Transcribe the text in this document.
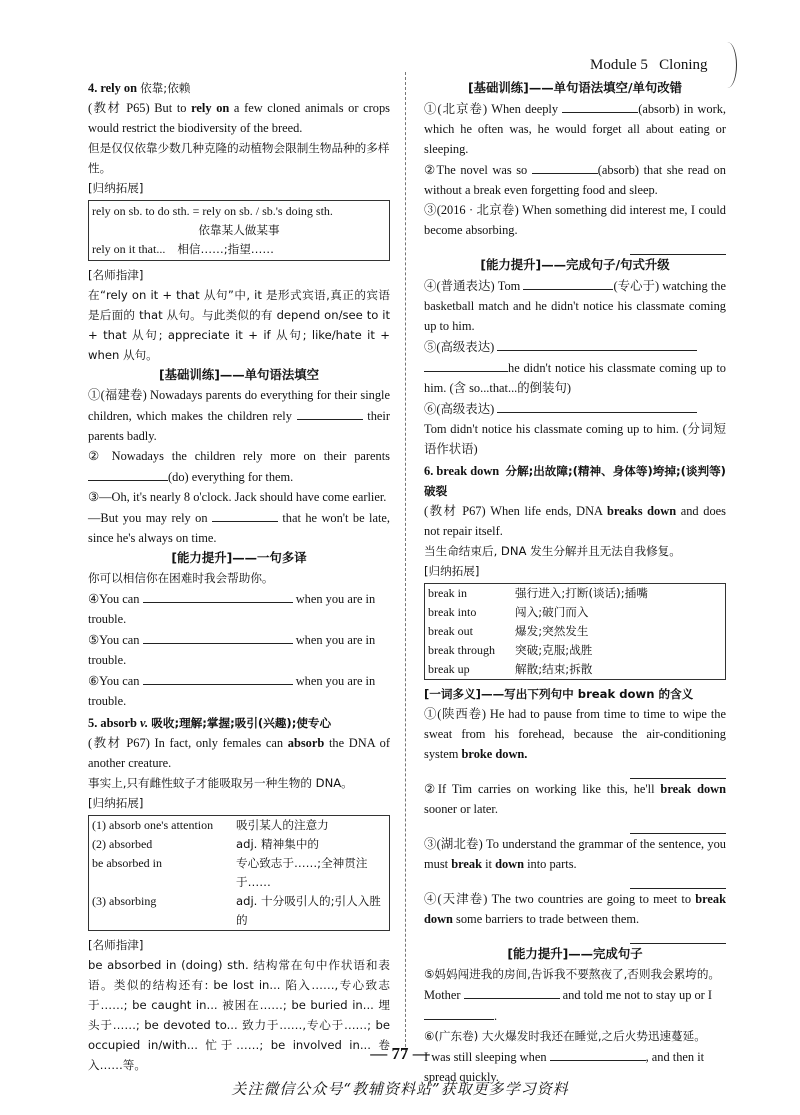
Module 5 Cloning

4. rely on 依靠;依赖

(教材 P65) But to rely on a few cloned animals or crops would restrict the biodiversity of the breed.

但是仅仅依靠少数几种克隆的动植物会限制生物品种的多样性。

[归纳拓展]

rely on sb. to do sth. = rely on sb. / sb.'s doing sth.
依靠某人做某事
rely on it that... 相信……;指望……

[名师指津]

在“rely on it + that 从句”中, it 是形式宾语,真正的宾语是后面的 that 从句。与此类似的有 depend on/see to it + that 从句; appreciate it + if 从句; like/hate it + when 从句。

[基础训练]——单句语法填空

①(福建卷) Nowadays parents do everything for their single children, which makes the children rely	their parents badly.

② Nowadays the children rely more on their parents (do) everything for them.

③—Oh, it's nearly 8 o'clock. Jack should have come earlier.
—But you may rely on	that he won't be late, since he's always on time.

[能力提升]——一句多译

你可以相信你在困难时我会帮助你。

④You can	when you are in trouble.

⑤You can	when you are in trouble.

⑥You can	when you are in trouble.

5. absorb v. 吸收;理解;掌握;吸引(兴趣);使专心

(教材 P67) In fact, only females can absorb the DNA of another creature.

事实上,只有雌性蚊子才能吸取另一种生物的 DNA。

[归纳拓展]

(1) absorb one's attention	吸引某人的注意力
(2) absorbed	adj. 精神集中的
be absorbed in	专心致志于……;全神贯注于……
(3) absorbing	adj. 十分吸引人的;引人入胜的

[名师指津]

be absorbed in (doing) sth. 结构常在句中作状语和表语。类似的结构还有: be lost in... 陷入……,专心致志于……; be caught in... 被困在……; be buried in... 埋头于……; be devoted to... 致力于……,专心于……; be occupied in/with... 忙于……; be involved in... 卷入……等。

[基础训练]——单句语法填空/单句改错

①(北京卷) When deeply	(absorb) in work, which he often was, he would forget all about eating or sleeping.

②The novel was so	(absorb) that she read on without a break even forgetting food and sleep.

③(2016 · 北京卷) When something did interest me, I could become absorbing.

[能力提升]——完成句子/句式升级

④(普通表达) Tom	(专心于) watching the basketball match and he didn't notice his classmate coming up to him.

⑤(高级表达)
he didn't notice his classmate coming up to him. (含 so...that...的倒装句)

⑥(高级表达)
Tom didn't notice his classmate coming up to him. (分词短语作状语)

6. break down 分解;出故障;(精神、身体等)垮掉;(谈判等)破裂

(教材 P67) When life ends, DNA breaks down and does not repair itself.

当生命结束后, DNA 发生分解并且无法自我修复。

[归纳拓展]

break in	强行进入;打断(谈话);插嘴
break into	闯入;破门而入
break out	爆发;突然发生
break through	突破;克服;战胜
break up	解散;结束;拆散

[一词多义]——写出下列句中 break down 的含义

①(陕西卷) He had to pause from time to time to wipe the sweat from his forehead, because the air-conditioning system broke down.

②If Tim carries on working like this, he'll break down sooner or later.

③(湖北卷) To understand the grammar of the sentence, you must break it down into parts.

④(天津卷) The two countries are going to meet to break down some barriers to trade between them.

[能力提升]——完成句子

⑤妈妈闯进我的房间,告诉我不要熬夜了,否则我会累垮的。

Mother	and told me not to stay up or I
.

⑥(广东卷) 大火爆发时我还在睡觉,之后火势迅速蔓延。

I was still sleeping when	, and then it spread quickly.

— 77 —
关注微信公众号“教辅资料站”获取更多学习资料
